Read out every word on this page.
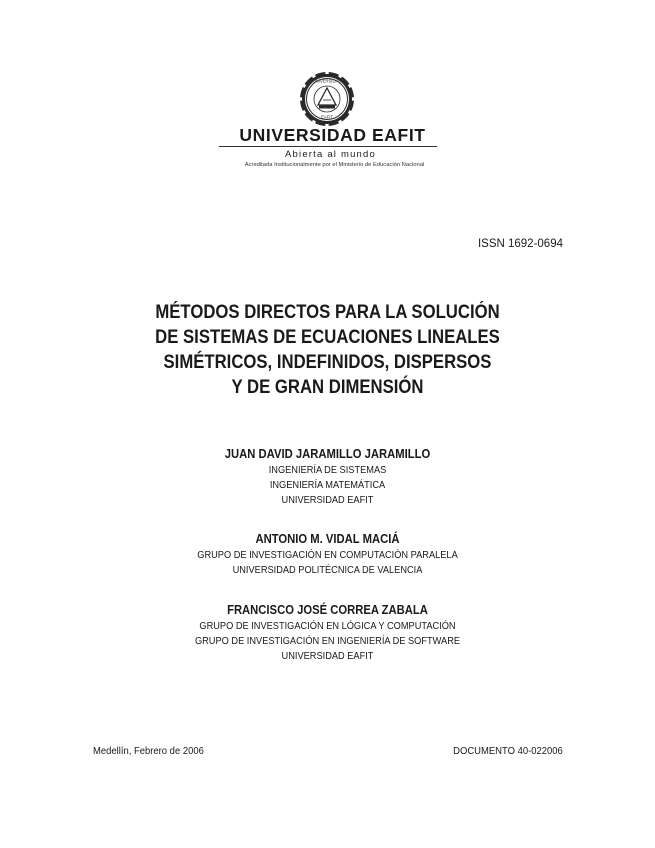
UNIVERSIDAD
EAFIT
UNIVERSIDAD EAFIT
Abierta al mundo
Acreditada Institucionalmente por el Ministerio de Educación Nacional
ISSN 1692-0694
MÉTODOS DIRECTOS PARA LA SOLUCIÓN
DE SISTEMAS DE ECUACIONES LINEALES
SIMÉTRICOS, INDEFINIDOS, DISPERSOS
Y DE GRAN DIMENSIÓN
JUAN DAVID JARAMILLO JARAMILLO
INGENIERÍA DE SISTEMAS
INGENIERÍA MATEMÁTICA
UNIVERSIDAD EAFIT
ANTONIO M. VIDAL MACIÁ
GRUPO DE INVESTIGACIÓN EN COMPUTACIÓN PARALELA
UNIVERSIDAD POLITÉCNICA DE VALENCIA
FRANCISCO JOSÉ CORREA ZABALA
GRUPO DE INVESTIGACIÓN EN LÓGICA Y COMPUTACIÓN
GRUPO DE INVESTIGACIÓN EN INGENIERÍA DE SOFTWARE
UNIVERSIDAD EAFIT
Medellín, Febrero de 2006	DOCUMENTO 40-022006
